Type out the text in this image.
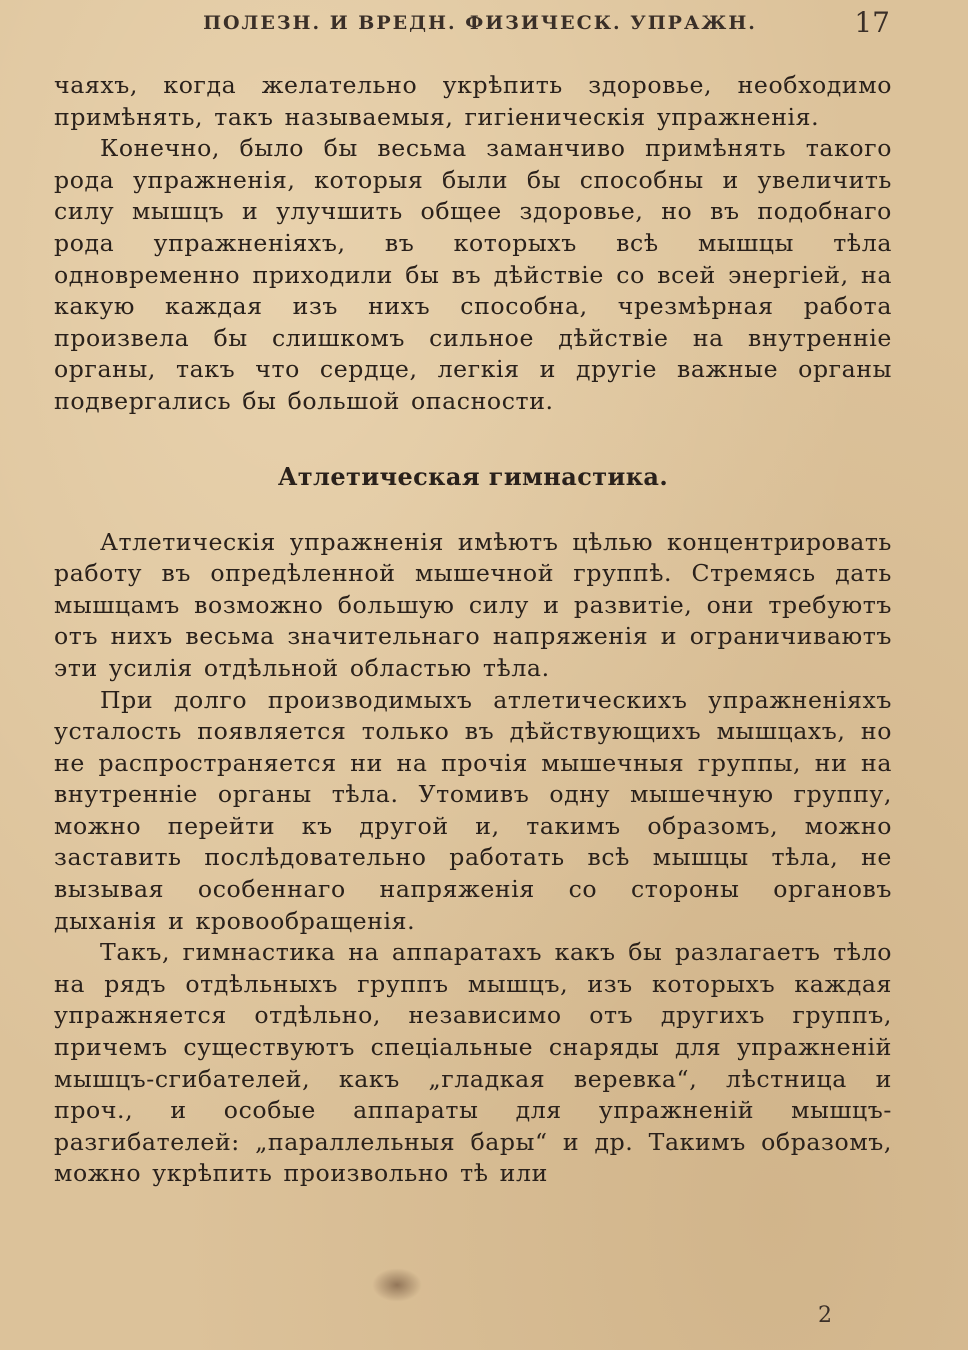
ПОЛЕЗН. И ВРЕДН. ФИЗИЧЕСК. УПРАЖН.	17

чаяхъ, когда желательно укрѣпить здоровье, необходимо примѣнять, такъ называемыя, гигіеническія упражненія.

Конечно, было бы весьма заманчиво примѣнять такого рода упражненія, которыя были бы способны и увеличить силу мышцъ и улучшить общее здоровье, но въ подобнаго рода упражненіяхъ, въ которыхъ всѣ мышцы тѣла одновременно приходили бы въ дѣйствіе со всей энергіей, на какую каждая изъ нихъ способна, чрезмѣрная работа произвела бы слишкомъ сильное дѣйствіе на внутренніе органы, такъ что сердце, легкія и другіе важные органы подвергались бы большой опасности.

Атлетическая гимнастика.

Атлетическія упражненія имѣютъ цѣлью концентрировать работу въ опредѣленной мышечной группѣ. Стремясь дать мышцамъ возможно большую силу и развитіе, они требуютъ отъ нихъ весьма значительнаго напряженія и ограничиваютъ эти усилія отдѣльной областью тѣла.

При долго производимыхъ атлетическихъ упражненіяхъ усталость появляется только въ дѣйствующихъ мышцахъ, но не распространяется ни на прочія мышечныя группы, ни на внутренніе органы тѣла. Утомивъ одну мышечную группу, можно перейти къ другой и, такимъ образомъ, можно заставить послѣдовательно работать всѣ мышцы тѣла, не вызывая особеннаго напряженія со стороны органовъ дыханія и кровообращенія.

Такъ, гимнастика на аппаратахъ какъ бы разлагаетъ тѣло на рядъ отдѣльныхъ группъ мышцъ, изъ которыхъ каждая упражняется отдѣльно, независимо отъ другихъ группъ, причемъ существуютъ спеціальные снаряды для упражненій мышцъ-сгибателей, какъ „гладкая веревка“, лѣстница и проч., и особые аппараты для упражненій мышцъ-разгибателей: „параллельныя бары“ и др. Такимъ образомъ, можно укрѣпить произвольно тѣ или

2
